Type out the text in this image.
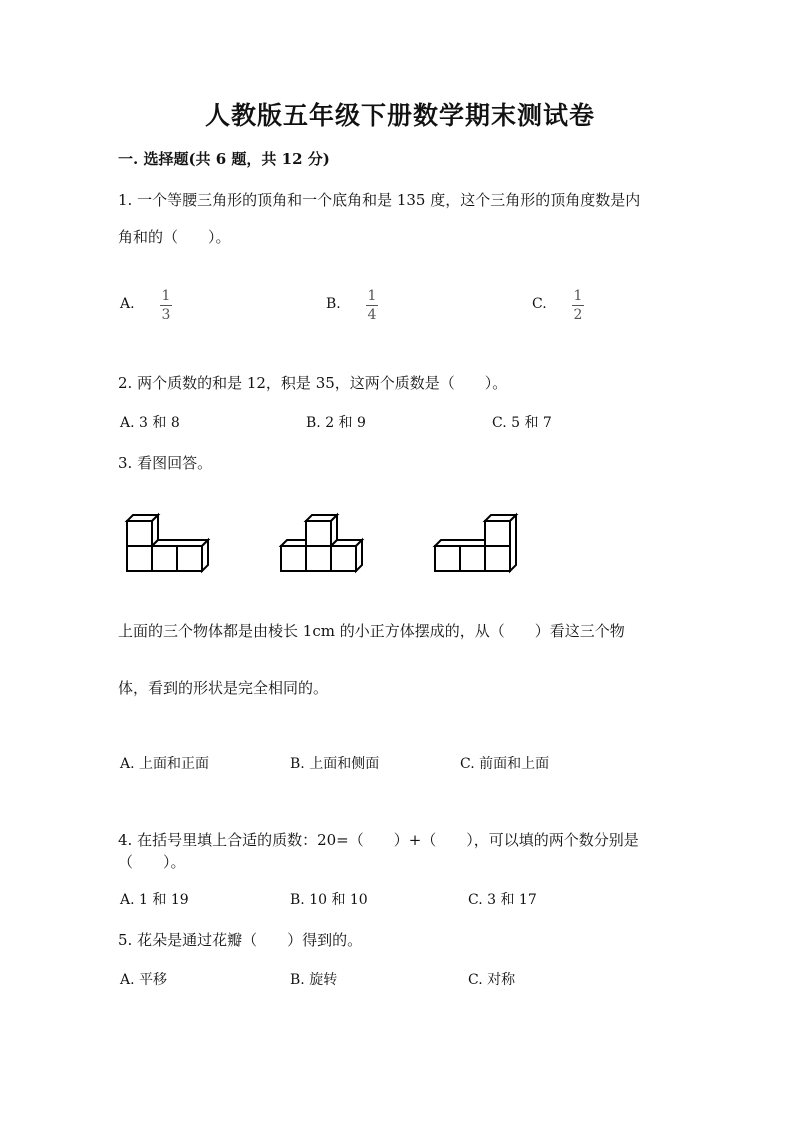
人教版五年级下册数学期末测试卷
一. 选择题(共 6 题，共 12 分)
1. 一个等腰三角形的顶角和一个底角和是 135 度，这个三角形的顶角度数是内
角和的（　　）。
A. 1
3
B. 1
4
C. 1
2
2. 两个质数的和是 12，积是 35，这两个质数是（　　）。
A. 3 和 8	B. 2 和 9	C. 5 和 7
3. 看图回答。
上面的三个物体都是由棱长 1cm 的小正方体摆成的，从（　　）看这三个物
体，看到的形状是完全相同的。
A. 上面和正面	B. 上面和侧面	C. 前面和上面
4. 在括号里填上合适的质数：20=（　　）+（　　），可以填的两个数分别是
（　　）。
A. 1 和 19	B. 10 和 10	C. 3 和 17
5. 花朵是通过花瓣（　　）得到的。
A. 平移	B. 旋转	C. 对称
